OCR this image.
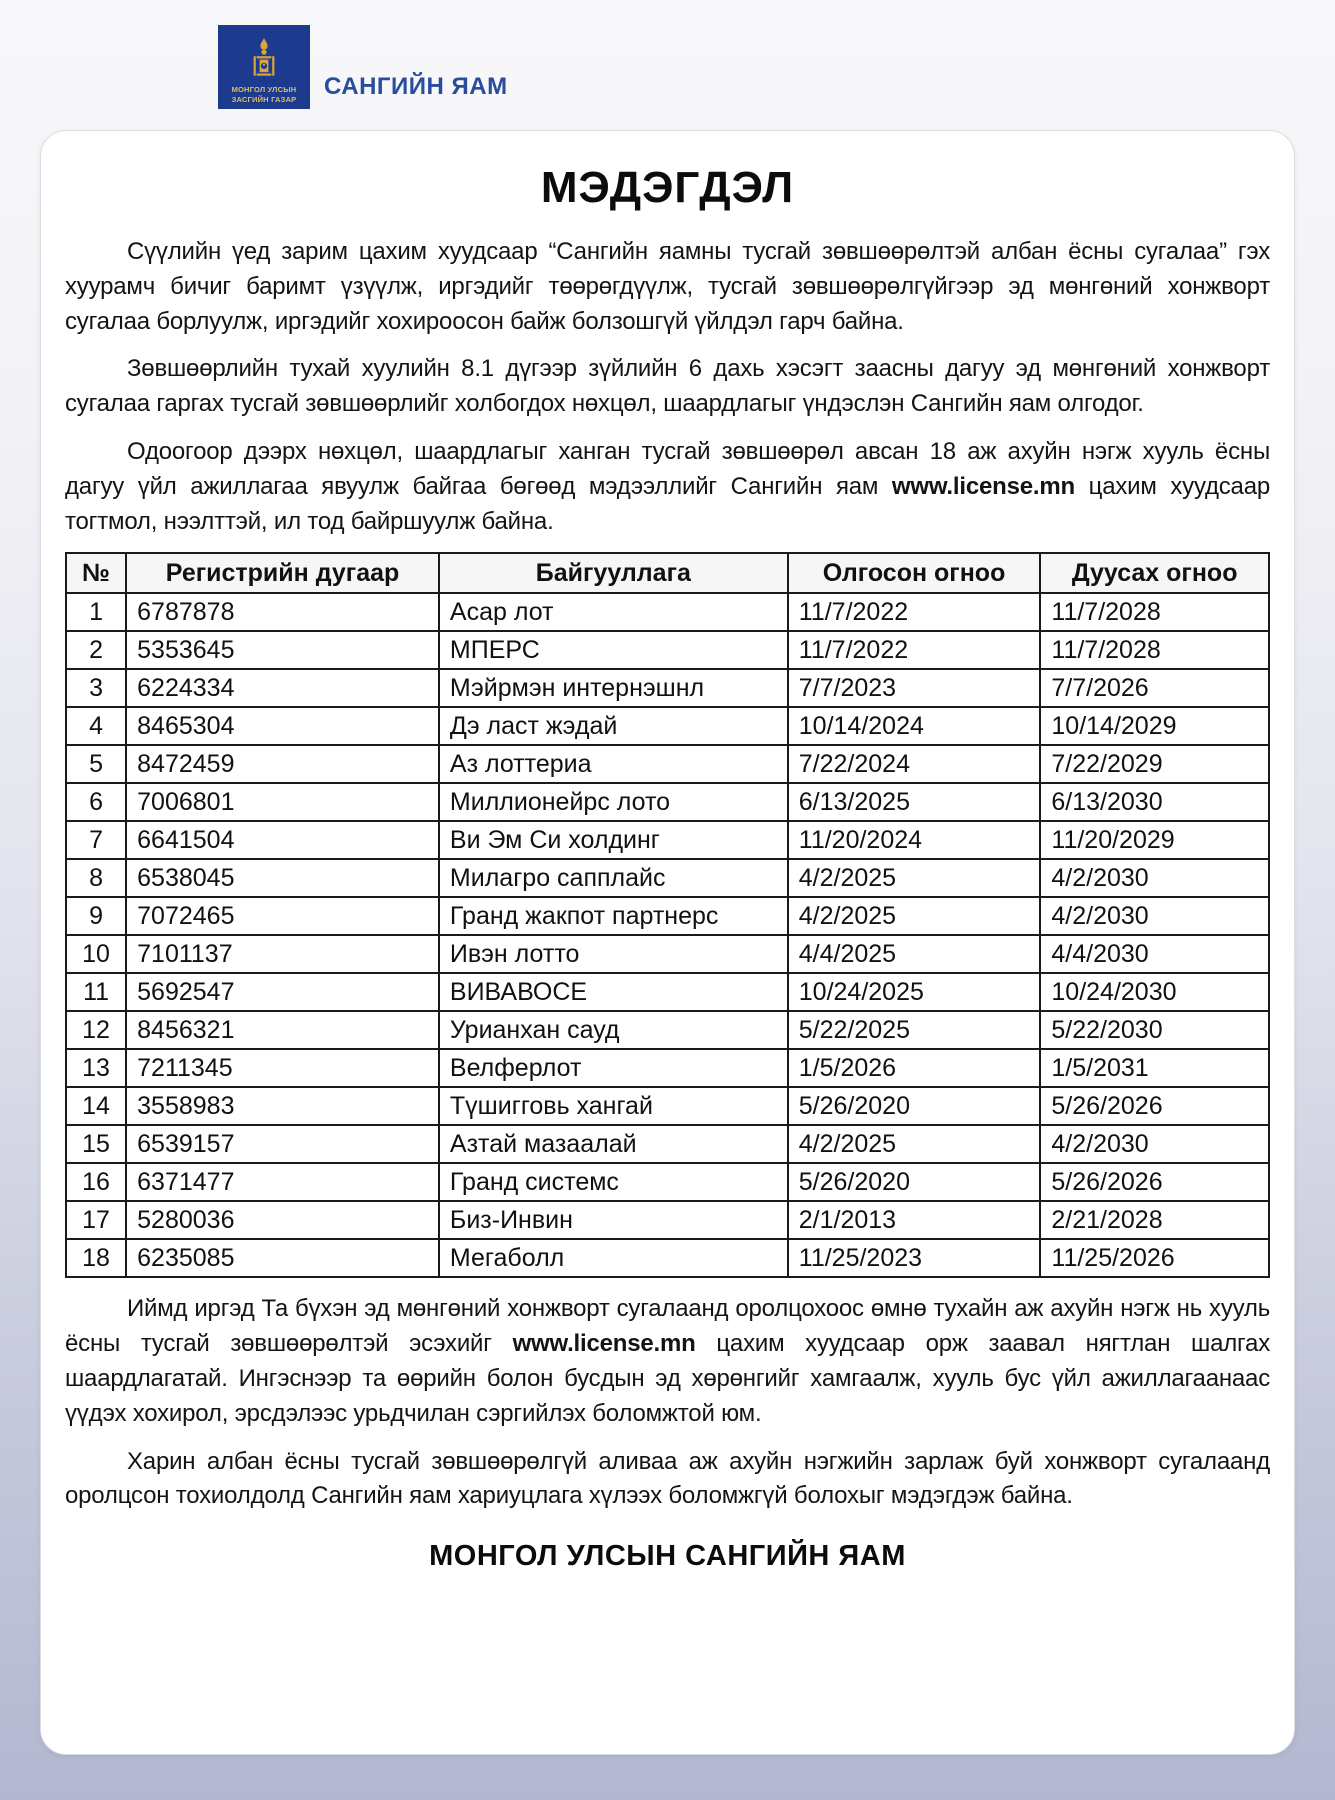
МОНГОЛ УЛСЫН
ЗАСГИЙН ГАЗАР САНГИЙН ЯАМ
МЭДЭГДЭЛ

Сүүлийн үед зарим цахим хуудсаар “Сангийн яамны тусгай зөвшөөрөлтэй албан ёсны сугалаа” гэх хуурамч бичиг баримт үзүүлж, иргэдийг төөрөгдүүлж, тусгай зөвшөөрөлгүйгээр эд мөнгөний хонжворт сугалаа борлуулж, иргэдийг хохироосон байж болзошгүй үйлдэл гарч байна.

Зөвшөөрлийн тухай хуулийн 8.1 дүгээр зүйлийн 6 дахь хэсэгт заасны дагуу эд мөнгөний хонжворт сугалаа гаргах тусгай зөвшөөрлийг холбогдох нөхцөл, шаардлагыг үндэслэн Сангийн яам олгодог.

Одоогоор дээрх нөхцөл, шаардлагыг ханган тусгай зөвшөөрөл авсан 18 аж ахуйн нэгж хууль ёсны дагуу үйл ажиллагаа явуулж байгаа бөгөөд мэдээллийг Сангийн яам www.license.mn цахим хуудсаар тогтмол, нээлттэй, ил тод байршуулж байна.

№	Регистрийн дугаар	Байгууллага	Олгосон огноо	Дуусах огноо
1	6787878	Асар лот	11/7/2022	11/7/2028
2	5353645	МПЕРС	11/7/2022	11/7/2028
3	6224334	Мэйрмэн интернэшнл	7/7/2023	7/7/2026
4	8465304	Дэ ласт жэдай	10/14/2024	10/14/2029
5	8472459	Аз лоттериа	7/22/2024	7/22/2029
6	7006801	Миллионейрс лото	6/13/2025	6/13/2030
7	6641504	Ви Эм Си холдинг	11/20/2024	11/20/2029
8	6538045	Милагро сапплайс	4/2/2025	4/2/2030
9	7072465	Гранд жакпот партнерс	4/2/2025	4/2/2030
10	7101137	Ивэн лотто	4/4/2025	4/4/2030
11	5692547	ВИВАВОСЕ	10/24/2025	10/24/2030
12	8456321	Урианхан сауд	5/22/2025	5/22/2030
13	7211345	Велферлот	1/5/2026	1/5/2031
14	3558983	Түшигговь хангай	5/26/2020	5/26/2026
15	6539157	Азтай мазаалай	4/2/2025	4/2/2030
16	6371477	Гранд системс	5/26/2020	5/26/2026
17	5280036	Биз-Инвин	2/1/2013	2/21/2028
18	6235085	Мегаболл	11/25/2023	11/25/2026

Иймд иргэд Та бүхэн эд мөнгөний хонжворт сугалаанд оролцохоос өмнө тухайн аж ахуйн нэгж нь хууль ёсны тусгай зөвшөөрөлтэй эсэхийг www.license.mn цахим хуудсаар орж заавал нягтлан шалгах шаардлагатай. Ингэснээр та өөрийн болон бусдын эд хөрөнгийг хамгаалж, хууль бус үйл ажиллагаанаас үүдэх хохирол, эрсдэлээс урьдчилан сэргийлэх боломжтой юм.

Харин албан ёсны тусгай зөвшөөрөлгүй аливаа аж ахуйн нэгжийн зарлаж буй хонжворт сугалаанд оролцсон тохиолдолд Сангийн яам хариуцлага хүлээх боломжгүй болохыг мэдэгдэж байна.

МОНГОЛ УЛСЫН САНГИЙН ЯАМ
